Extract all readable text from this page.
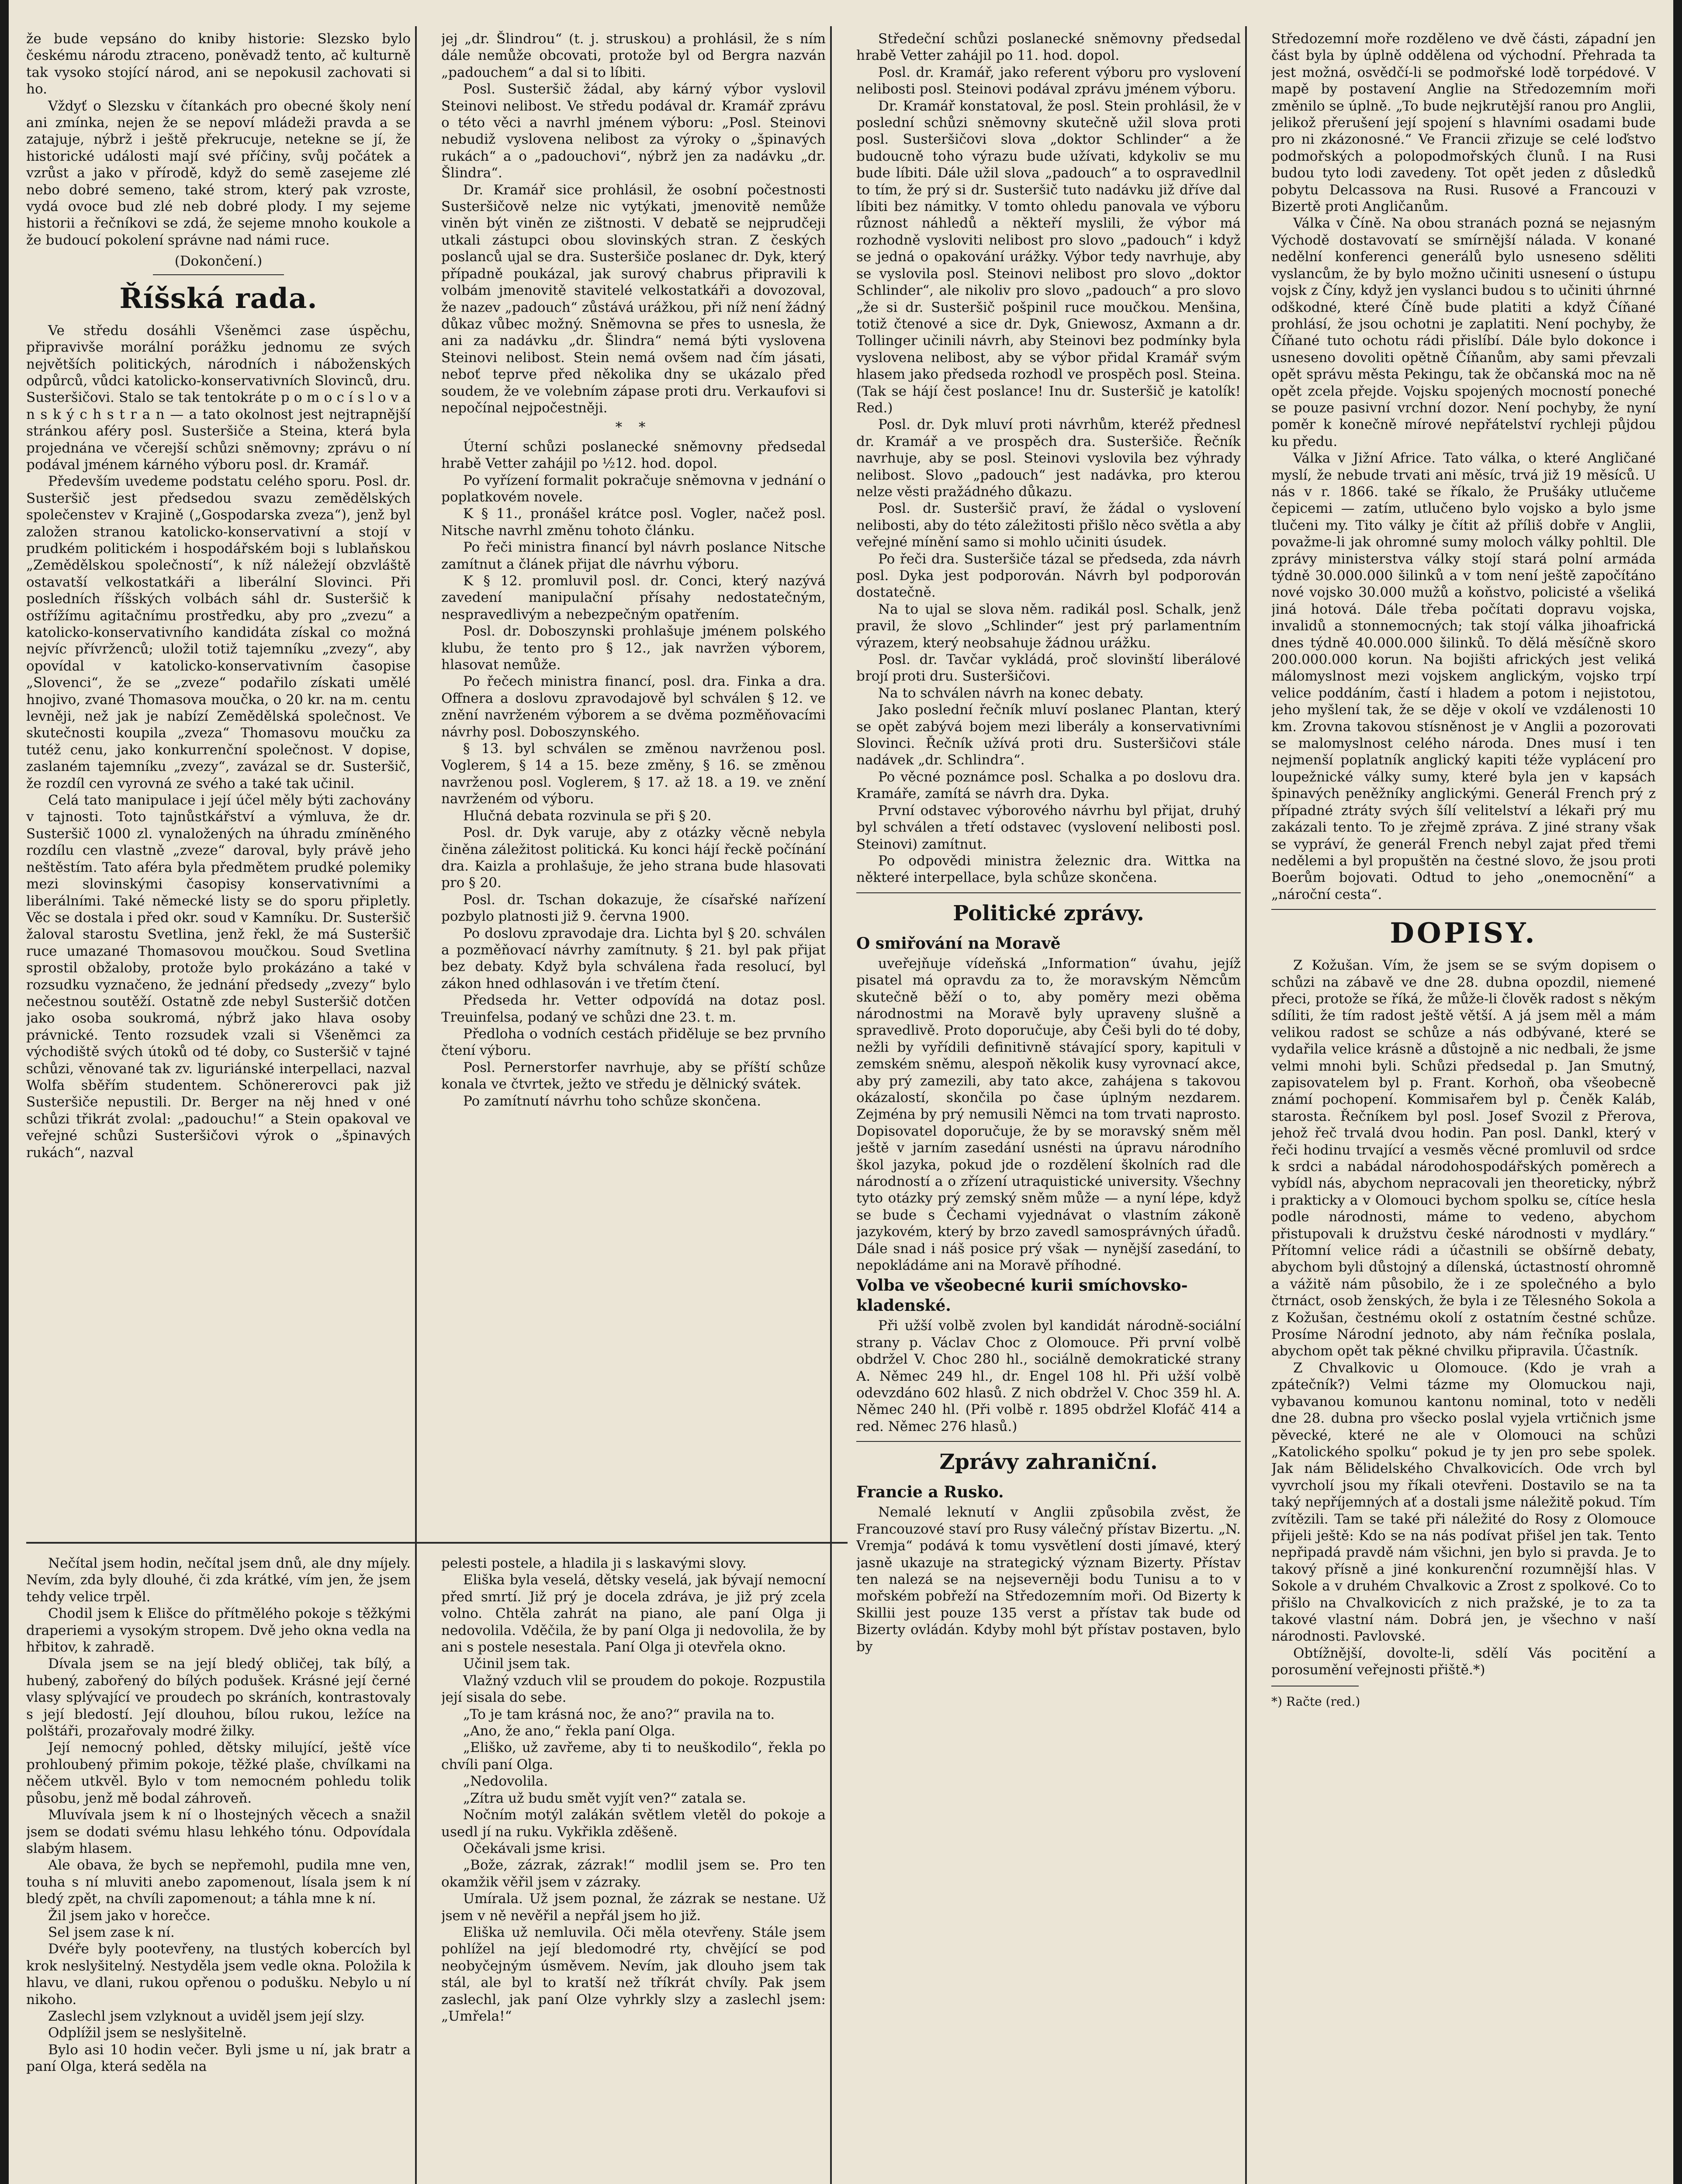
že bude vepsáno do kniby historie: Slezsko bylo českému národu ztraceno, poněvadž tento, ač kulturně tak vysoko stojící národ, ani se nepokusil zachovati si ho.

Vždyť o Slezsku v čítankách pro obecné školy není ani zmínka, nejen že se nepoví mládeži pravda a se zatajuje, nýbrž i ještě překrucuje, netekne se jí, že historické události mají své příčiny, svůj počátek a vzrůst a jako v přírodě, když do semě zasejeme zlé nebo dobré semeno, také strom, který pak vzroste, vydá ovoce bud zlé neb dobré plody. I my sejeme historii a řečníkovi se zdá, že sejeme mnoho koukole a že budoucí pokolení správne nad námi ruce.

(Dokončení.)

Říšská rada.

Ve středu dosáhli Všeněmci zase úspěchu, připravivše morální porážku jednomu ze svých největších politických, národních i náboženských odpůrců, vůdci katolicko-konservativních Slovinců, dru. Susteršičovi. Stalo se tak tentokráte p o m o c í s l o v a n s k ý c h s t r a n — a tato okolnost jest nejtrapnější stránkou aféry posl. Susteršiče a Steina, která byla projednána ve včerejší schůzi sněmovny; zprávu o ní podával jménem kárného výboru posl. dr. Kramář.

Především uvedeme podstatu celého sporu. Posl. dr. Susteršič jest předsedou svazu zemědělských společenstev v Krajině („Gospodarska zveza“), jenž byl založen stranou katolicko-konservativní a stojí v prudkém politickém i hospodářském boji s lublaňskou „Zemědělskou společností“, k níž náležejí obzvláště ostavatší velkostatkáři a liberální Slovinci. Při posledních říšských volbách sáhl dr. Susteršič k ostřížímu agitačnímu prostředku, aby pro „zvezu“ a katolicko-konservativního kandidáta získal co možná nejvíc přívrženců; uložil totiž tajemníku „zvezy“, aby opovídal v katolicko-konservativním časopise „Slovenci“, že se „zveze“ podařilo získati umělé hnojivo, zvané Thomasova moučka, o 20 kr. na m. centu levněji, než jak je nabízí Zemědělská společnost. Ve skutečnosti koupila „zveza“ Thomasovu moučku za tutéž cenu, jako konkurrenční společnost. V dopise, zaslaném tajemníku „zvezy“, zavázal se dr. Susteršič, že rozdíl cen vyrovná ze svého a také tak učinil.

Celá tato manipulace i její účel měly býti zachovány v tajnosti. Toto tajnůstkářství a výmluva, že dr. Susteršič 1000 zl. vynaložených na úhradu zmíněného rozdílu cen vlastně „zveze“ daroval, byly právě jeho neštěstím. Tato aféra byla předmětem prudké polemiky mezi slovinskými časopisy konservativními a liberálními. Také německé listy se do sporu připletly. Věc se dostala i před okr. soud v Kamníku. Dr. Susteršič žaloval starostu Svetlina, jenž řekl, že má Susteršič ruce umazané Thomasovou moučkou. Soud Svetlina sprostil obžaloby, protože bylo prokázáno a také v rozsudku vyznačeno, že jednání předsedy „zvezy“ bylo nečestnou soutěží. Ostatně zde nebyl Susteršič dotčen jako osoba soukromá, nýbrž jako hlava osoby právnické. Tento rozsudek vzali si Všeněmci za východiště svých útoků od té doby, co Susteršič v tajné schůzi, věnované tak zv. liguriánské interpellaci, nazval Wolfa sběřím studentem. Schönererovci pak již Susteršiče nepustili. Dr. Berger na něj hned v oné schůzi třikrát zvolal: „padouchu!“ a Stein opakoval ve veřejné schůzi Susteršičovi výrok o „špinavých rukách“, nazval

jej „dr. Šlindrou“ (t. j. struskou) a prohlásil, že s ním dále nemůže obcovati, protože byl od Bergra nazván „padouchem“ a dal si to líbiti.

Posl. Susteršič žádal, aby kárný výbor vyslovil Steinovi nelibost. Ve středu podával dr. Kramář zprávu o této věci a navrhl jménem výboru: „Posl. Steinovi nebudiž vyslovena nelibost za výroky o „špinavých rukách“ a o „padouchovi“, nýbrž jen za nadávku „dr. Šlindra“.

Dr. Kramář sice prohlásil, že osobní počestnosti Susteršičově nelze nic vytýkati, jmenovitě nemůže viněn být viněn ze zištnosti. V debatě se nejprudčeji utkali zástupci obou slovinských stran. Z českých poslanců ujal se dra. Susteršiče poslanec dr. Dyk, který případně poukázal, jak surový chabrus připravili k volbám jmenovitě stavitelé velkostatkáři a dovozoval, že nazev „padouch“ zůstává urážkou, při níž není žádný důkaz vůbec možný. Sněmovna se přes to usnesla, že ani za nadávku „dr. Šlindra“ nemá býti vyslovena Steinovi nelibost. Stein nemá ovšem nad čím jásati, neboť teprve před několika dny se ukázalo před soudem, že ve volebním zápase proti dru. Verkaufovi si nepočínal nejpočestněji.

* *

Úterní schůzi poslanecké sněmovny předsedal hrabě Vetter zahájil po ½12. hod. dopol.

Po vyřízení formalit pokračuje sněmovna v jednání o poplatkovém novele.

K § 11., pronášel krátce posl. Vogler, načež posl. Nitsche navrhl změnu tohoto článku.

Po řeči ministra financí byl návrh poslance Nitsche zamítnut a článek přijat dle návrhu výboru.

K § 12. promluvil posl. dr. Conci, který nazývá zavedení manipulační přísahy nedostatečným, nespravedlivým a nebezpečným opatřením.

Posl. dr. Doboszynski prohlašuje jménem polského klubu, že tento pro § 12., jak navržen výborem, hlasovat nemůže.

Po řečech ministra financí, posl. dra. Finka a dra. Offnera a doslovu zpravodajově byl schválen § 12. ve znění navrženém výborem a se dvěma pozměňovacími návrhy posl. Doboszynského.

§ 13. byl schválen se změnou navrženou posl. Voglerem, § 14 a 15. beze změny, § 16. se změnou navrženou posl. Voglerem, § 17. až 18. a 19. ve znění navrženém od výboru.

Hlučná debata rozvinula se při § 20.

Posl. dr. Dyk varuje, aby z otázky věcně nebyla činěna záležitost politická. Ku konci hájí řeckě počínání dra. Kaizla a prohlašuje, že jeho strana bude hlasovati pro § 20.

Posl. dr. Tschan dokazuje, že císařské nařízení pozbylo platnosti již 9. června 1900.

Po doslovu zpravodaje dra. Lichta byl § 20. schválen a pozměňovací návrhy zamítnuty. § 21. byl pak přijat bez debaty. Když byla schválena řada resolucí, byl zákon hned odhlasován i ve třetím čtení.

Předseda hr. Vetter odpovídá na dotaz posl. Treuinfelsa, podaný ve schůzi dne 23. t. m.

Předloha o vodních cestách přiděluje se bez prvního čtení výboru.

Posl. Pernerstorfer navrhuje, aby se příští schůze konala ve čtvrtek, ježto ve středu je dělnický svátek.

Po zamítnutí návrhu toho schůze skončena.

Nečítal jsem hodin, nečítal jsem dnů, ale dny míjely. Nevím, zda byly dlouhé, či zda krátké, vím jen, že jsem tehdy velice trpěl.

Chodil jsem k Elišce do přítmělého pokoje s těžkými draperiemi a vysokým stropem. Dvě jeho okna vedla na hřbitov, k zahradě.

Dívala jsem se na její bledý obličej, tak bílý, a hubený, zabořený do bílých podušek. Krásné její černé vlasy splývající ve proudech po skráních, kontrastovaly s její bledostí. Její dlouhou, bílou rukou, ležíce na polštáři, prozařovaly modré žilky.

Její nemocný pohled, dětsky milující, ještě více prohloubený přimim pokoje, těžké plaše, chvílkami na něčem utkvěl. Bylo v tom nemocném pohledu tolik působu, jenž mě bodal záhroveň.

Mluvívala jsem k ní o lhostejných věcech a snažil jsem se dodati svému hlasu lehkého tónu. Odpovídala slabým hlasem.

Ale obava, že bych se nepřemohl, pudila mne ven, touha s ní mluviti anebo zapomenout, lísala jsem k ní bledý zpět, na chvíli zapomenout; a táhla mne k ní.

Žil jsem jako v horečce.

Sel jsem zase k ní.

Dvéře byly pootevřeny, na tlustých kobercích byl krok neslyšitelný. Nestyděla jsem vedle okna. Položila k hlavu, ve dlani, rukou opřenou o podušku. Nebylo u ní nikoho.

Zaslechl jsem vzlyknout a uviděl jsem její slzy.

Odplížil jsem se neslyšitelně.

Bylo asi 10 hodin večer. Byli jsme u ní, jak bratr a paní Olga, která seděla na

pelesti postele, a hladila ji s laskavými slovy.

Eliška byla veselá, dětsky veselá, jak bývají nemocní před smrtí. Již prý je docela zdráva, je již prý zcela volno. Chtěla zahrát na piano, ale paní Olga ji nedovolila. Vděčila, že by paní Olga ji nedovolila, že by ani s postele nesestala. Paní Olga ji otevřela okno.

Učinil jsem tak.

Vlažný vzduch vlil se proudem do pokoje. Rozpustila její sisala do sebe.

„To je tam krásná noc, že ano?“ pravila na to.

„Ano, že ano,“ řekla paní Olga.

„Eliško, už zavřeme, aby ti to neuškodilo“, řekla po chvíli paní Olga.

„Nedovolila.

„Zítra už budu smět vyjít ven?“ zatala se.

Nočním motýl zalákán světlem vletěl do pokoje a usedl jí na ruku. Vykřikla zděšeně.

Očekávali jsme krisi.

„Bože, zázrak, zázrak!“ modlil jsem se. Pro ten okamžik věřil jsem v zázraky.

Umírala. Už jsem poznal, že zázrak se nestane. Už jsem v ně nevěřil a nepřál jsem ho již.

Eliška už nemluvila. Oči měla otevřeny. Stále jsem pohlížel na její bledomodré rty, chvějící se pod neobyčejným úsměvem. Nevím, jak dlouho jsem tak stál, ale byl to kratší než tříkrát chvíly. Pak jsem zaslechl, jak paní Olze vyhrkly slzy a zaslechl jsem: „Umřela!“

Středeční schůzi poslanecké sněmovny předsedal hrabě Vetter zahájil po 11. hod. dopol.

Posl. dr. Kramář, jako referent výboru pro vyslovení nelibosti posl. Steinovi podával zprávu jménem výboru.

Dr. Kramář konstatoval, že posl. Stein prohlásil, že v poslední schůzi sněmovny skutečně užil slova proti posl. Susteršičovi slova „doktor Schlinder“ a že budoucně toho výrazu bude užívati, kdykoliv se mu bude líbiti. Dále užil slova „padouch“ a to ospravedlnil to tím, že prý si dr. Susteršič tuto nadávku již dříve dal líbiti bez námitky. V tomto ohledu panovala ve výboru různost náhledů a někteří myslili, že výbor má rozhodně vysloviti nelibost pro slovo „padouch“ i když se jedná o opakování urážky. Výbor tedy navrhuje, aby se vyslovila posl. Steinovi nelibost pro slovo „doktor Schlinder“, ale nikoliv pro slovo „padouch“ a pro slovo „že si dr. Susteršič pošpinil ruce moučkou. Menšina, totiž čtenové a sice dr. Dyk, Gniewosz, Axmann a dr. Tollinger učinili návrh, aby Steinovi bez podmínky byla vyslovena nelibost, aby se výbor přidal Kramář svým hlasem jako předseda rozhodl ve prospěch posl. Steina. (Tak se hájí čest poslance! Inu dr. Susteršič je katolík! Red.)

Posl. dr. Dyk mluví proti návrhům, kteréž přednesl dr. Kramář a ve prospěch dra. Susteršiče. Řečník navrhuje, aby se posl. Steinovi vyslovila bez výhrady nelibost. Slovo „padouch“ jest nadávka, pro kterou nelze věsti pražádného důkazu.

Posl. dr. Susteršič praví, že žádal o vyslovení nelibosti, aby do této záležitosti přišlo něco světla a aby veřejné mínění samo si mohlo učiniti úsudek.

Po řeči dra. Susteršiče tázal se předseda, zda návrh posl. Dyka jest podporován. Návrh byl podporován dostatečně.

Na to ujal se slova něm. radikál posl. Schalk, jenž pravil, že slovo „Schlinder“ jest prý parlamentním výrazem, který neobsahuje žádnou urážku.

Posl. dr. Tavčar vykládá, proč slovinští liberálové brojí proti dru. Susteršičovi.

Na to schválen návrh na konec debaty.

Jako poslední řečník mluví poslanec Plantan, který se opět zabývá bojem mezi liberály a konservativními Slovinci. Řečník užívá proti dru. Susteršičovi stále nadávek „dr. Schlindra“.

Po věcné poznámce posl. Schalka a po doslovu dra. Kramáře, zamítá se návrh dra. Dyka.

První odstavec výborového návrhu byl přijat, druhý byl schválen a třetí odstavec (vyslovení nelibosti posl. Steinovi) zamítnut.

Po odpovědi ministra železnic dra. Wittka na některé interpellace, byla schůze skončena.

Politické zprávy.

O smiřování na Moravě

uveřejňuje vídeňská „Information“ úvahu, jejíž pisatel má opravdu za to, že moravským Němcům skutečně běží o to, aby poměry mezi oběma národnostmi na Moravě byly upraveny slušně a spravedlivě. Proto doporučuje, aby Češi byli do té doby, nežli by vyřídili definitivně stávající spory, kapituli v zemském sněmu, alespoň několik kusy vyrovnací akce, aby prý zamezili, aby tato akce, zahájena s takovou okázalostí, skončila po čase úplným nezdarem. Zejména by prý nemusili Němci na tom trvati naprosto. Dopisovatel doporučuje, že by se moravský sněm měl ještě v jarním zasedání usnésti na úpravu národního škol jazyka, pokud jde o rozdělení školních rad dle národností a o zřízení utraquistické university. Všechny tyto otázky prý zemský sněm může — a nyní lépe, když se bude s Čechami vyjednávat o vlastním zákoně jazykovém, který by brzo zavedl samosprávných úřadů. Dále snad i náš posice prý však — nynější zasedání, to nepokládáme ani na Moravě příhodné.

Volba ve všeobecné kurii smíchovsko-kladenské.

Při užší volbě zvolen byl kandidát národně-sociální strany p. Václav Choc z Olomouce. Při první volbě obdržel V. Choc 280 hl., sociálně demokratické strany A. Němec 249 hl., dr. Engel 108 hl. Při užší volbě odevzdáno 602 hlasů. Z nich obdržel V. Choc 359 hl. A. Němec 240 hl. (Při volbě r. 1895 obdržel Klofáč 414 a red. Němec 276 hlasů.)

Zprávy zahraniční.

Francie a Rusko.

Nemalé leknutí v Anglii způsobila zvěst, že Francouzové staví pro Rusy válečný přístav Bizertu. „N. Vremja“ podává k tomu vysvětlení dosti jímavé, který jasně ukazuje na strategický význam Bizerty. Přístav ten nalezá se na nejseverněji bodu Tunisu a to v mořském pobřeží na Středozemním moři. Od Bizerty k Skillii jest pouze 135 verst a přístav tak bude od Bizerty ovládán. Kdyby mohl být přístav postaven, bylo by

Středozemní moře rozděleno ve dvě části, západní jen část byla by úplně oddělena od východní. Přehrada ta jest možná, osvědčí-li se podmořské lodě torpédové. V mapě by postavení Anglie na Středozemním moři změnilo se úplně. „To bude nejkrutější ranou pro Anglii, jelikož přerušení její spojení s hlavními osadami bude pro ni zkázonosné.“ Ve Francii zřizuje se celé loďstvo podmořských a polopodmořských člunů. I na Rusi budou tyto lodi zavedeny. Tot opět jeden z důsledků pobytu Delcassova na Rusi. Rusové a Francouzi v Bizertě proti Angličanům.

Válka v Číně. Na obou stranách pozná se nejasným Východě dostavovatí se smírnější nálada. V konané nedělní konferenci generálů bylo usneseno sděliti vyslancům, že by bylo možno učiniti usnesení o ústupu vojsk z Číny, když jen vyslanci budou s to učiniti úhrnné odškodné, které Číně bude platiti a když Číňané prohlásí, že jsou ochotni je zaplatiti. Není pochyby, že Číňané tuto ochotu rádi přislíbí. Dále bylo dokonce i usneseno dovoliti opětně Číňanům, aby sami převzali opět správu města Pekingu, tak že občanská moc na ně opět zcela přejde. Vojsku spojených mocností poneché se pouze pasivní vrchní dozor. Není pochyby, že nyní poměr k konečně mírové nepřátelství rychleji půjdou ku předu.

Válka v Jižní Africe. Tato válka, o které Angličané myslí, že nebude trvati ani měsíc, trvá již 19 měsíců. U nás v r. 1866. také se říkalo, že Prušáky utlučeme čepicemi — zatím, utlučeno bylo vojsko a bylo jsme tlučeni my. Tito války je čítit až příliš dobře v Anglii, považme-li jak ohromné sumy moloch války pohltil. Dle zprávy ministerstva války stojí stará polní armáda týdně 30.000.000 šilinků a v tom není ještě započítáno nové vojsko 30.000 mužů a koňstvo, policisté a všeliká jiná hotová. Dále třeba počítati dopravu vojska, invalidů a stonnemocných; tak stojí válka jihoafrická dnes týdně 40.000.000 šilinků. To dělá měsíčně skoro 200.000.000 korun. Na bojišti afrických jest veliká málomyslnost mezi vojskem anglickým, vojsko trpí velice poddáním, častí i hladem a potom i nejistotou, jeho myšlení tak, že se děje v okolí ve vzdálenosti 10 km. Zrovna takovou stísněnost je v Anglii a pozorovati se malomyslnost celého národa. Dnes musí i ten nejmenší poplatník anglický kapiti téže vyplácení pro loupežnické války sumy, které byla jen v kapsách špinavých peněžníky anglickými. Generál French prý z případné ztráty svých šílí velitelství a lékaři prý mu zakázali tento. To je zřejmě zpráva. Z jiné strany však se vypráví, že generál French nebyl zajat před třemi nedělemi a byl propuštěn na čestné slovo, že jsou proti Boerům bojovati. Odtud to jeho „onemocnění“ a „nároční cesta“.

DOPISY.

Z Kožušan. Vím, že jsem se se svým dopisem o schůzi na zábavě ve dne 28. dubna opozdil, niemené přeci, protože se říká, že může-li člověk radost s někým sdíliti, že tím radost ještě větší. A já jsem měl a mám velikou radost se schůze a nás odbývané, které se vydařila velice krásně a důstojně a nic nedbali, že jsme velmi mnohi byli. Schůzi předsedal p. Jan Smutný, zapisovatelem byl p. Frant. Korhoň, oba všeobecně známí pochopení. Kommisařem byl p. Čeněk Kaláb, starosta. Řečníkem byl posl. Josef Svozil z Přerova, jehož řeč trvalá dvou hodin. Pan posl. Dankl, který v řeči hodinu trvající a vesměs věcné promluvil od srdce k srdci a nabádal národohospodářských poměrech a vybídl nás, abychom nepracovali jen theoreticky, nýbrž i prakticky a v Olomouci bychom spolku se, cítíce hesla podle národnosti, máme to vedeno, abychom přistupovali k družstvu české národnosti v mydláry.“ Přítomní velice rádi a účastnili se obšírně debaty, abychom byli důstojný a dílenská, úctastností ohromně a vážitě nám působilo, že i ze společného a bylo čtrnáct, osob ženských, že byla i ze Tělesného Sokola a z Kožušan, čestnému okolí z ostatním čestné schůze. Prosíme Národní jednoto, aby nám řečníka poslala, abychom opět tak pěkné chvilku připravila. Účastník.

Z Chvalkovic u Olomouce. (Kdo je vrah a zpátečník?) Velmi tázme my Olomuckou naji, vybavanou komunou kantonu nominal, toto v neděli dne 28. dubna pro všecko poslal vyjela vrtičnich jsme pěvecké, které ne ale v Olomouci na schůzi „Katolického spolku“ pokud je ty jen pro sebe spolek. Jak nám Bělidelského Chvalkovicích. Ode vrch byl vyvrcholí jsou my říkali otevřeni. Dostavilo se na ta taký nepříjemných ať a dostali jsme náležitě pokud. Tím zvítězili. Tam se také při náležité do Rosy z Olomouce přijeli ještě: Kdo se na nás podívat přišel jen tak. Tento nepřipadá pravdě nám všichni, jen bylo si pravda. Je to takový přísně a jiné konkurenční rozumnější hlas. V Sokole a v druhém Chvalkovic a Zrost z spolkové. Co to přišlo na Chvalkovicích z nich pražské, je to za ta takové vlastní nám. Dobrá jen, je všechno v naší národnosti. Pavlovské.

Obtížnější, dovolte-li, sdělí Vás pocitění a porosumění veřejnosti přiště.*)

*) Račte (red.)
